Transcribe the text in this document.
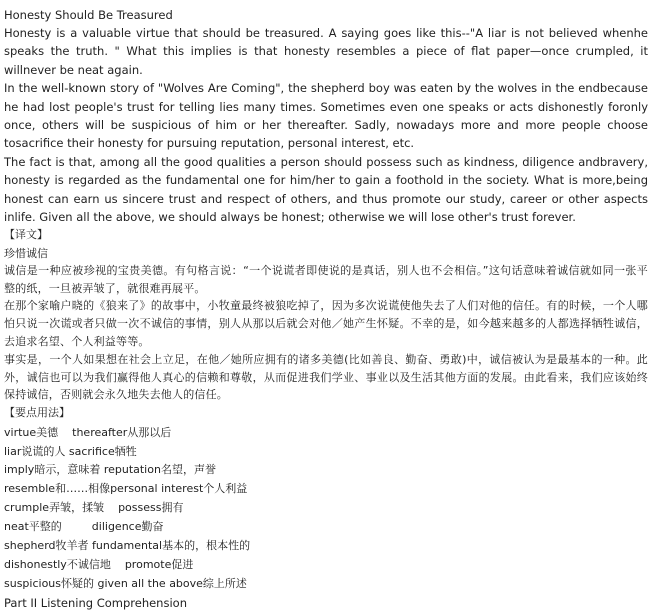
Honesty Should Be Treasured

Honesty is a valuable virtue that should be treasured. A saying goes like this--"A liar is not believed whenhe speaks the truth. " What this implies is that honesty resembles a piece of flat paper—once crumpled, it willnever be neat again.

In the well-known story of "Wolves Are Coming", the shepherd boy was eaten by the wolves in the endbecause he had lost people's trust for telling lies many times. Sometimes even one speaks or acts dishonestly foronly once, others will be suspicious of him or her thereafter. Sadly, nowadays more and more people choose tosacrifice their honesty for pursuing reputation, personal interest, etc.

The fact is that, among all the good qualities a person should possess such as kindness, diligence andbravery, honesty is regarded as the fundamental one for him/her to gain a foothold in the society. What is more,being honest can earn us sincere trust and respect of others, and thus promote our study, career or other aspects inlife. Given all the above, we should always be honest; otherwise we will lose other's trust forever.

【译文】
珍惜诚信

诚信是一种应被珍视的宝贵美德。有句格言说：“一个说谎者即使说的是真话，别人也不会相信。”这句话意味着诚信就如同一张平整的纸，一旦被弄皱了，就很难再展平。

在那个家喻户晓的《狼来了》的故事中，小牧童最终被狼吃掉了，因为多次说谎使他失去了人们对他的信任。有的时候，一个人哪怕只说一次谎或者只做一次不诚信的事情，别人从那以后就会对他／她产生怀疑。不幸的是，如今越来越多的人都选择牺牲诚信，去追求名望、个人利益等等。

事实是，一个人如果想在社会上立足，在他／她所应拥有的诸多美德(比如善良、勤奋、勇敢)中，诚信被认为是最基本的一种。此外，诚信也可以为我们赢得他人真心的信赖和尊敬，从而促进我们学业、事业以及生活其他方面的发展。由此看来，我们应该始终保持诚信，否则就会永久地失去他人的信任。

【要点用法】
virtue美德 thereafter从那以后
liar说谎的人 sacrifice牺牲
imply暗示，意味着 reputation名望，声誉
resemble和……相像personal interest个人利益
crumple弄皱，揉皱 possess拥有
neat平整的	diligence勤奋
shepherd牧羊者 fundamental基本的，根本性的
dishonestly不诚信地 promote促进
suspicious怀疑的 given all the above综上所述
Part II Listening Comprehension
